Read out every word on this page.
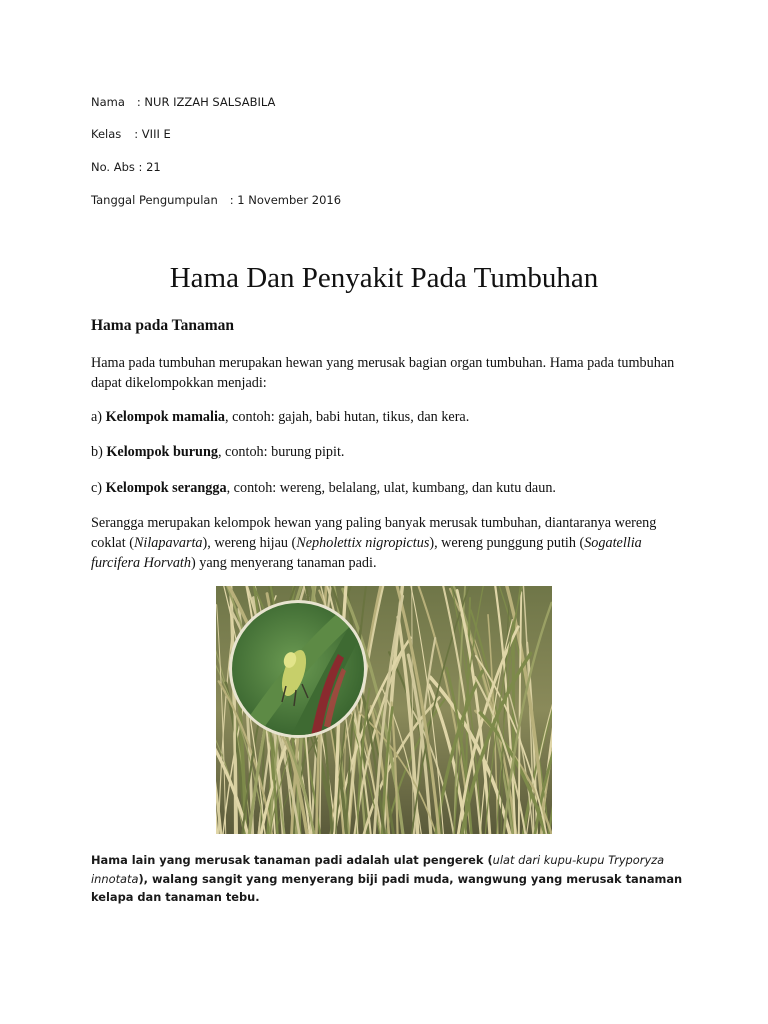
Nama : NUR IZZAH SALSABILA
Kelas : VIII E
No. Abs : 21
Tanggal Pengumpulan : 1 November 2016
Hama Dan Penyakit Pada Tumbuhan
Hama pada Tanaman

Hama pada tumbuhan merupakan hewan yang merusak bagian organ tumbuhan. Hama pada tumbuhan dapat dikelompokkan menjadi:

a) Kelompok mamalia, contoh: gajah, babi hutan, tikus, dan kera.

b) Kelompok burung, contoh: burung pipit.

c) Kelompok serangga, contoh: wereng, belalang, ulat, kumbang, dan kutu daun.

Serangga merupakan kelompok hewan yang paling banyak merusak tumbuhan, diantaranya wereng coklat (Nilapavarta), wereng hijau (Nepholettix nigropictus), wereng punggung putih (Sogatellia furcifera Horvath) yang menyerang tanaman padi.

Hama lain yang merusak tanaman padi adalah ulat pengerek (ulat dari kupu-kupu Tryporyza innotata), walang sangit yang menyerang biji padi muda, wangwung yang merusak tanaman kelapa dan tanaman tebu.
